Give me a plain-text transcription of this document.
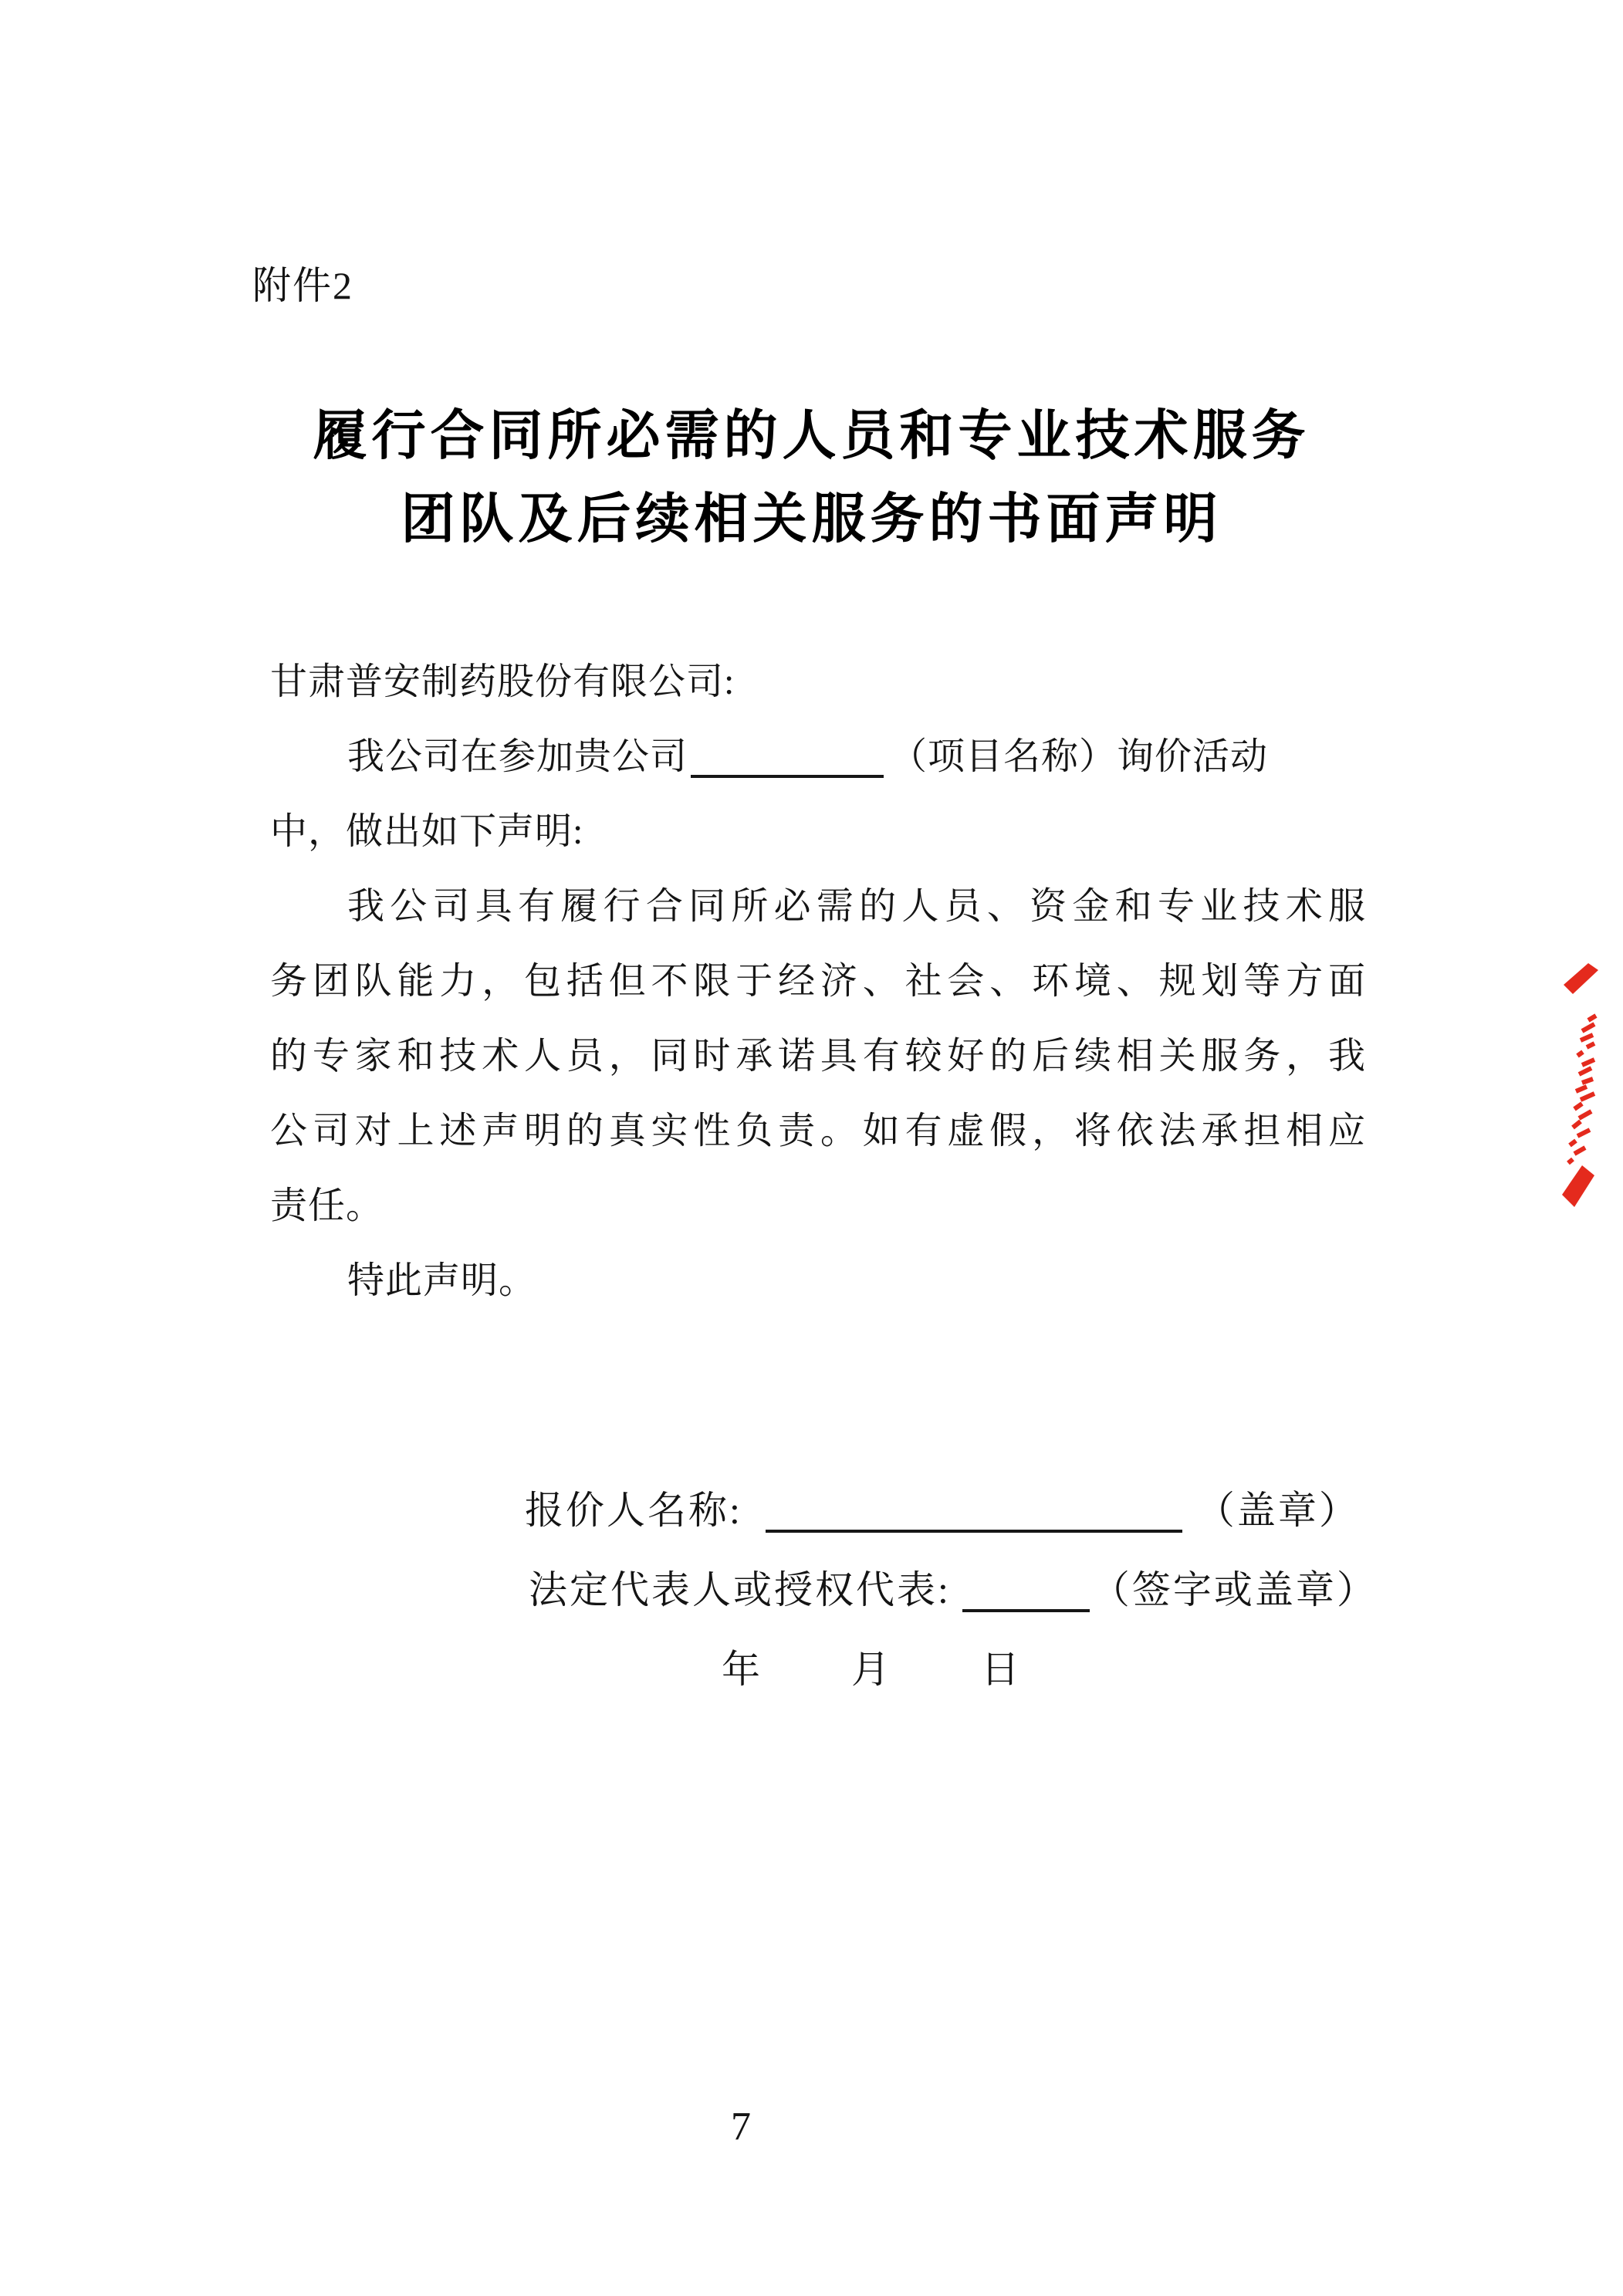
附件2
履行合同所必需的人员和专业技术服务
团队及后续相关服务的书面声明
甘肃普安制药股份有限公司:
我公司在参加贵公司	（项目名称）询价活动
中，做出如下声明:
我公司具有履行合同所必需的人员、资金和专业技术服
务团队能力，包括但不限于经济、社会、环境、规划等方面
的专家和技术人员，同时承诺具有较好的后续相关服务，我
公司对上述声明的真实性负责。如有虚假，将依法承担相应
责任。
特此声明。
报价人名称:	（盖章）
法定代表人或授权代表:	（签字或盖章）
年 月 日
7
